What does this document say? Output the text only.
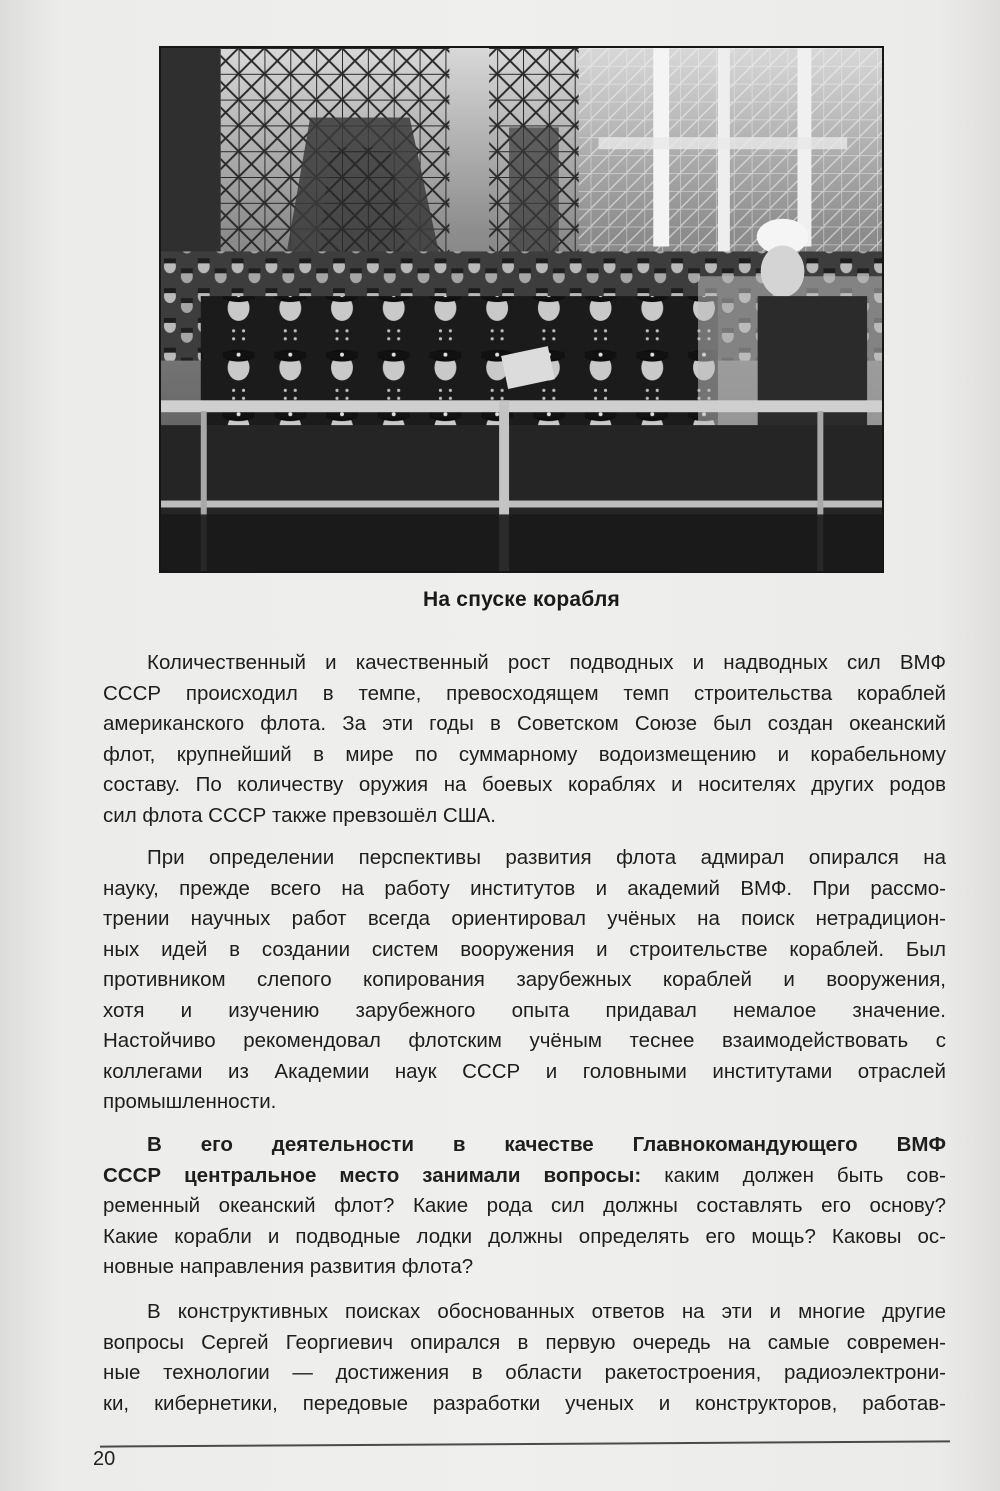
На спуске корабля
Количественный и качественный рост подводных и надводных сил ВМФ
СССР происходил в темпе, превосходящем темп строительства кораблей
американского флота. За эти годы в Советском Союзе был создан океанский
флот, крупнейший в мире по суммарному водоизмещению и корабельному
составу. По количеству оружия на боевых кораблях и носителях других родов
сил флота СССР также превзошёл США.
При определении перспективы развития флота адмирал опирался на
науку, прежде всего на работу институтов и академий ВМФ. При рассмо-
трении научных работ всегда ориентировал учёных на поиск нетрадицион-
ных идей в создании систем вооружения и строительстве кораблей. Был
противником слепого копирования зарубежных кораблей и вооружения,
хотя и изучению зарубежного опыта придавал немалое значение.
Настойчиво рекомендовал флотским учёным теснее взаимодействовать с
коллегами из Академии наук СССР и головными институтами отраслей
промышленности.
В его деятельности в качестве Главнокомандующего ВМФ
СССР центральное место занимали вопросы: каким должен быть сов-
ременный океанский флот? Какие рода сил должны составлять его основу?
Какие корабли и подводные лодки должны определять его мощь? Каковы ос-
новные направления развития флота?
В конструктивных поисках обоснованных ответов на эти и многие другие
вопросы Сергей Георгиевич опирался в первую очередь на самые современ-
ные технологии — достижения в области ракетостроения, радиоэлектрони-
ки, кибернетики, передовые разработки ученых и конструкторов, работав-
20
